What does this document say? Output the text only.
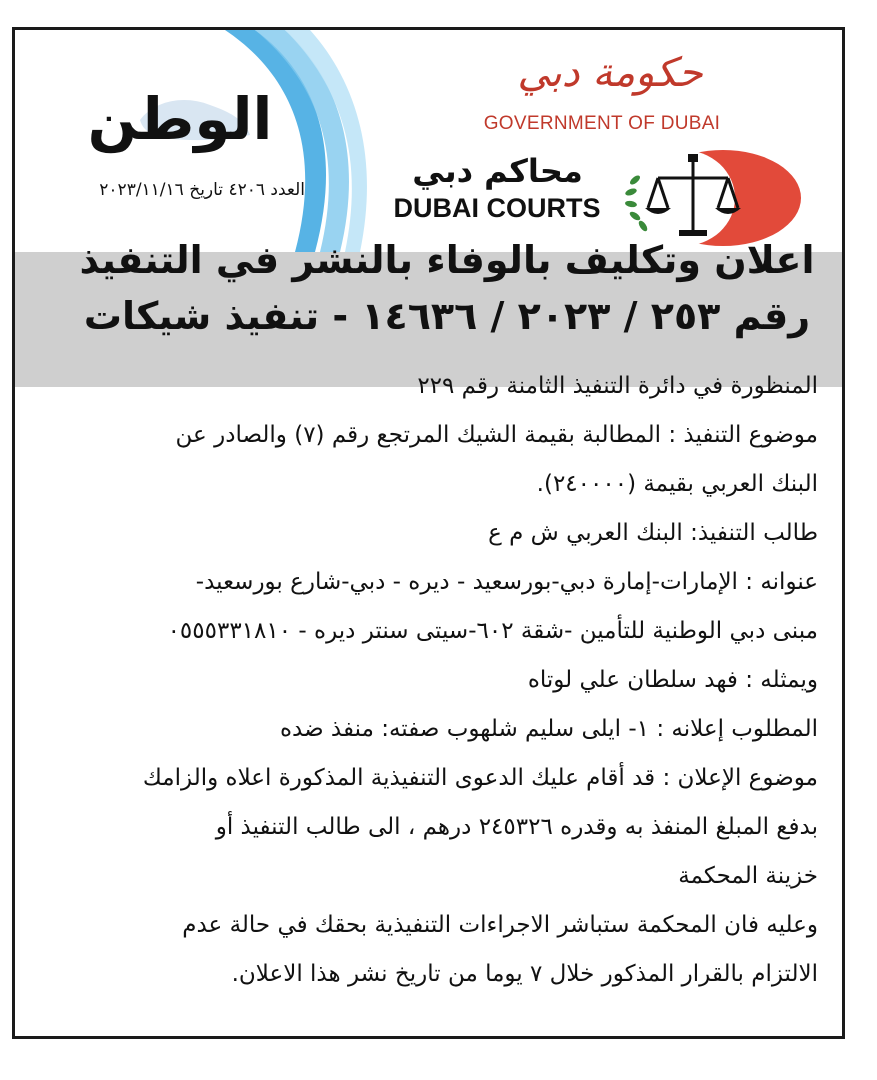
الوطن
العدد ٤٢٠٦ تاريخ ٢٠٢٣/١١/١٦
حكومة دبي
GOVERNMENT OF DUBAI
محاكم دبي
DUBAI COURTS
اعلان وتكليف بالوفاء بالنشر في التنفيذ
رقم ٢٥٣ / ٢٠٢٣ / ١٤٦٣٦ - تنفيذ شيكات
المنظورة في دائرة التنفيذ الثامنة رقم ٢٢٩
موضوع التنفيذ : المطالبة بقيمة الشيك المرتجع رقم (٧) والصادر عن
البنك العربي بقيمة (٢٤٠٠٠٠).
طالب التنفيذ: البنك العربي ش م ع
عنوانه : الإمارات-إمارة دبي-بورسعيد - ديره - دبي-شارع بورسعيد-
مبنى دبي الوطنية للتأمين -شقة ٦٠٢-سيتى سنتر ديره - ٠٥٥٥٣٣١٨١٠
ويمثله : فهد سلطان علي لوتاه
المطلوب إعلانه : ١- ايلى سليم شلهوب صفته: منفذ ضده
موضوع الإعلان : قد أقام عليك الدعوى التنفيذية المذكورة اعلاه والزامك
بدفع المبلغ المنفذ به وقدره ٢٤٥٣٢٦ درهم ، الى طالب التنفيذ أو
خزينة المحكمة
وعليه فان المحكمة ستباشر الاجراءات التنفيذية بحقك في حالة عدم
الالتزام بالقرار المذكور خلال ٧ يوما من تاريخ نشر هذا الاعلان.
